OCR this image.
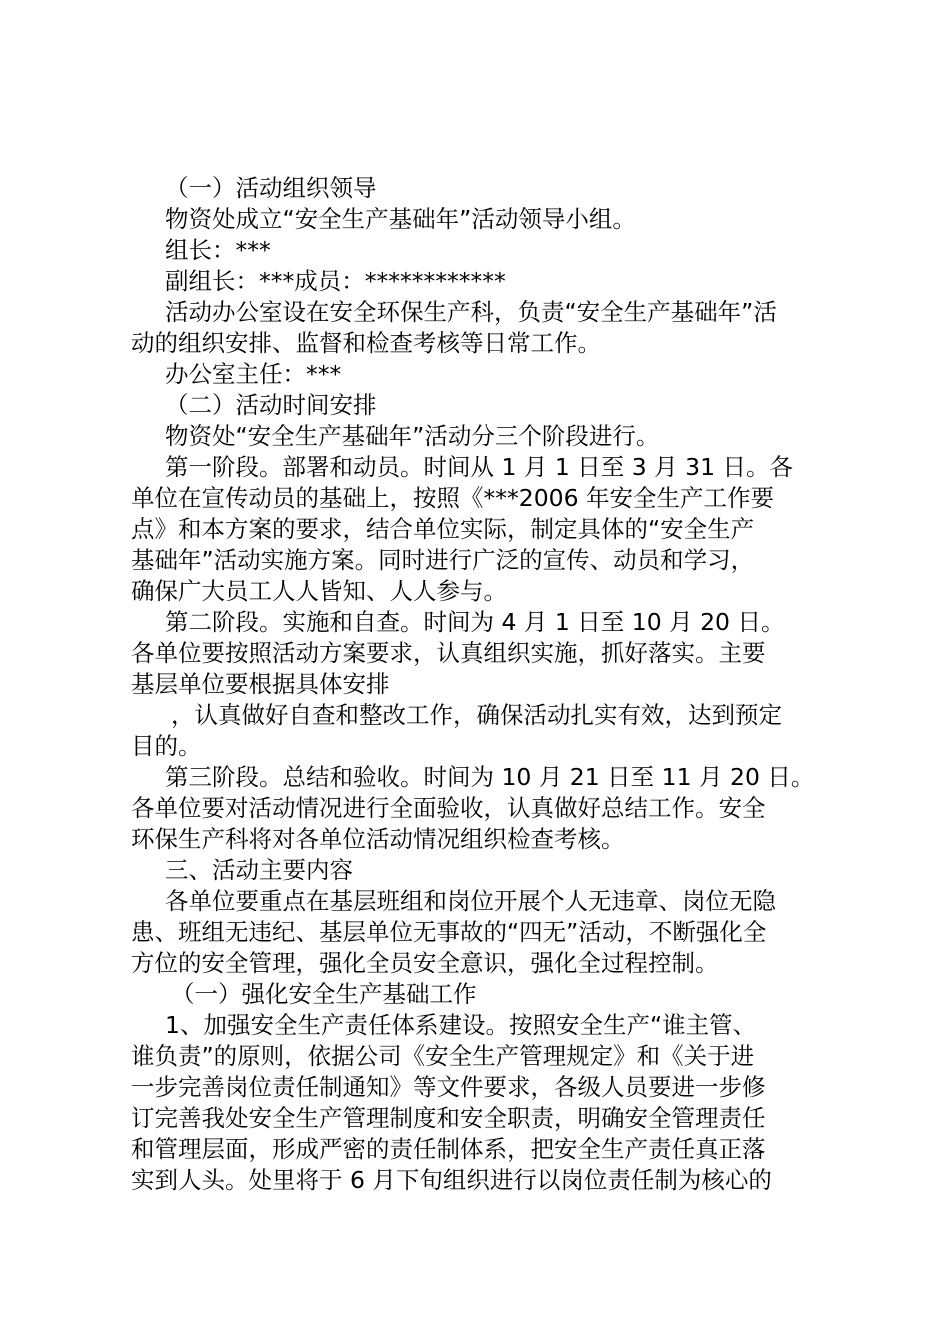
（一）活动组织领导
物资处成立“安全生产基础年”活动领导小组。
组长：***
副组长：***成员：************
活动办公室设在安全环保生产科，负责“安全生产基础年”活
动的组织安排、监督和检查考核等日常工作。
办公室主任：***
（二）活动时间安排
物资处“安全生产基础年”活动分三个阶段进行。
第一阶段。部署和动员。时间从 1 月 1 日至 3 月 31 日。各
单位在宣传动员的基础上，按照《***2006 年安全生产工作要
点》和本方案的要求，结合单位实际，制定具体的“安全生产
基础年”活动实施方案。同时进行广泛的宣传、动员和学习，
确保广大员工人人皆知、人人参与。
第二阶段。实施和自查。时间为 4 月 1 日至 10 月 20 日。
各单位要按照活动方案要求，认真组织实施，抓好落实。主要
基层单位要根据具体安排
，认真做好自查和整改工作，确保活动扎实有效，达到预定
目的。
第三阶段。总结和验收。时间为 10 月 21 日至 11 月 20 日。
各单位要对活动情况进行全面验收，认真做好总结工作。安全
环保生产科将对各单位活动情况组织检查考核。
三、活动主要内容
各单位要重点在基层班组和岗位开展个人无违章、岗位无隐
患、班组无违纪、基层单位无事故的“四无”活动，不断强化全
方位的安全管理，强化全员安全意识，强化全过程控制。
（一）强化安全生产基础工作
1、加强安全生产责任体系建设。按照安全生产“谁主管、
谁负责”的原则，依据公司《安全生产管理规定》和《关于进
一步完善岗位责任制通知》等文件要求，各级人员要进一步修
订完善我处安全生产管理制度和安全职责，明确安全管理责任
和管理层面，形成严密的责任制体系，把安全生产责任真正落
实到人头。处里将于 6 月下旬组织进行以岗位责任制为核心的
